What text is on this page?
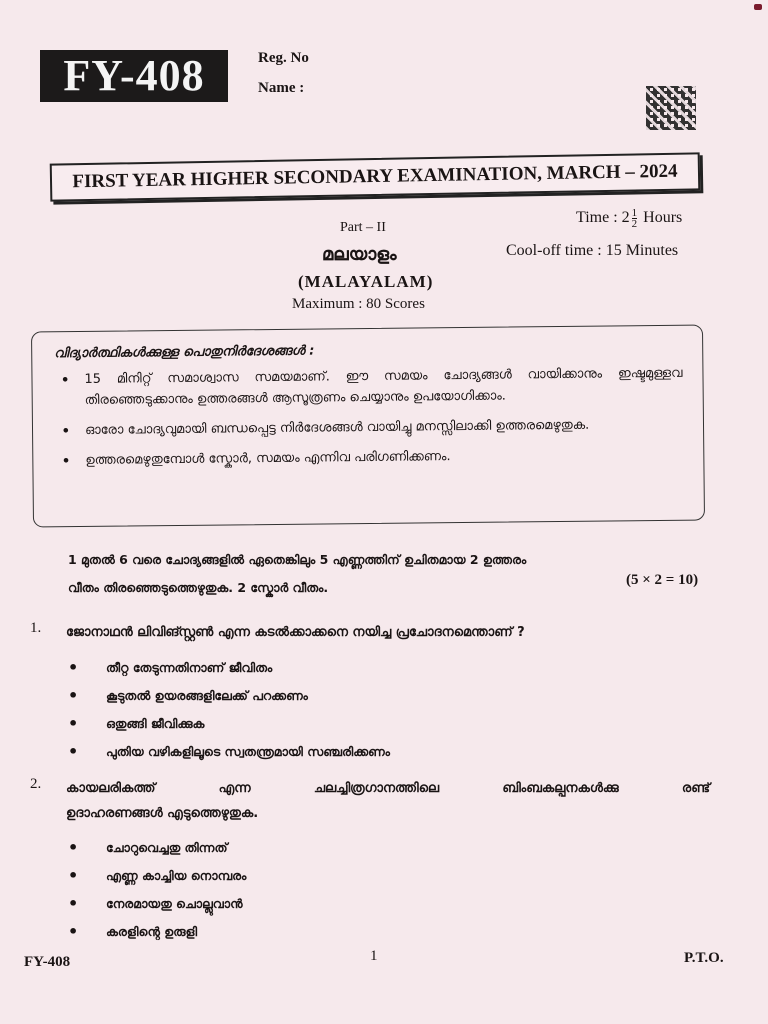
FY-408	Reg. No
Name :
FIRST YEAR HIGHER SECONDARY EXAMINATION, MARCH – 2024
Part – II
Time : $2 \frac{1}{2}$ Hours
Cool-off time : 15 Minutes
മലയാളം
(MALAYALAM)
Maximum : 80 Scores

വിദ്യാർത്ഥികൾക്കുള്ള പൊതുനിർദേശങ്ങൾ :

• 15 മിനിറ്റ് സമാശ്വാസ സമയമാണ്. ഈ സമയം ചോദ്യങ്ങൾ വായിക്കാനും ഇഷ്ടമുള്ളവ തിരഞ്ഞെടുക്കാനും ഉത്തരങ്ങൾ ആസൂത്രണം ചെയ്യാനും ഉപയോഗിക്കാം.
• ഓരോ ചോദ്യവുമായി ബന്ധപ്പെട്ട നിർദേശങ്ങൾ വായിച്ചു മനസ്സിലാക്കി ഉത്തരമെഴുതുക.
• ഉത്തരമെഴുതുമ്പോൾ സ്കോർ, സമയം എന്നിവ പരിഗണിക്കണം.
1 മുതൽ 6 വരെ ചോദ്യങ്ങളിൽ ഏതെങ്കിലും 5 എണ്ണത്തിന് ഉചിതമായ 2 ഉത്തരം
വീതം തിരഞ്ഞെടുത്തെഴുതുക. 2 സ്കോർ വീതം.	(5 × 2 = 10)
1. ജോനാഥൻ ലിവിങ്സ്റ്റൺ എന്ന കടൽക്കാക്കനെ നയിച്ച പ്രചോദനമെന്താണ് ?
• തീറ്റ തേടുന്നതിനാണ് ജീവിതം
• കൂടുതൽ ഉയരങ്ങളിലേക്ക് പറക്കണം
• ഒതുങ്ങി ജീവിക്കുക
• പുതിയ വഴികളിലൂടെ സ്വതന്ത്രമായി സഞ്ചരിക്കണം
2. കായലരികത്ത് എന്ന ചലച്ചിത്രഗാനത്തിലെ ബിംബകല്പനകൾക്കു രണ്ട്
ഉദാഹരണങ്ങൾ എടുത്തെഴുതുക.
• ചോറുവെച്ചതു തിന്നത്
• എണ്ണ കാച്ചിയ നൊമ്പരം
• നേരമായതു ചൊല്ലുവാൻ
• കരളിന്റെ ഉരുളി
FY-408	1	P.T.O.
